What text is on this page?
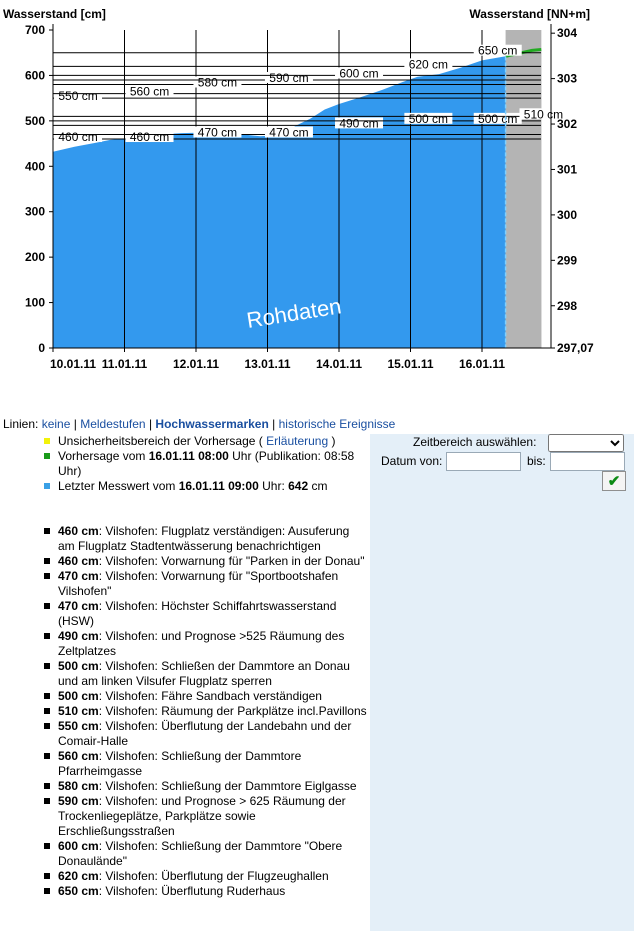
Wasserstand [cm]	Wasserstand [NN+m]
460 cm	460 cm 470 cm	470 cm
490 cm 500 cm 500 cm 510 cm
550 cm	560 cm
580 cm	590 cm	600 cm
620 cm
650 cm
0
100
200
300
400
500
600
700	304
303
302
301
300
299
298
297,07
10.01.11 11.01.11 12.01.11 13.01.11 14.01.11 15.01.11 16.01.11
Rohdaten
Linien: keine | Meldestufen | Hochwassermarken | historische Ereignisse
Zeitbereich auswählen:
Datum von:	bis:
✔
Unsicherheitsbereich der Vorhersage ( Erläuterung )
Vorhersage vom 16.01.11 08:00 Uhr (Publikation: 08:58 Uhr)
Letzter Messwert vom 16.01.11 09:00 Uhr: 642 cm
460 cm: Vilshofen: Flugplatz verständigen: Ausuferung am Flugplatz Stadtentwässerung benachrichtigen
460 cm: Vilshofen: Vorwarnung für "Parken in der Donau"
470 cm: Vilshofen: Vorwarnung für "Sportbootshafen Vilshofen"
470 cm: Vilshofen: Höchster Schiffahrtswasserstand (HSW)
490 cm: Vilshofen: und Prognose >525 Räumung des Zeltplatzes
500 cm: Vilshofen: Schließen der Dammtore an Donau und am linken Vilsufer Flugplatz sperren
500 cm: Vilshofen: Fähre Sandbach verständigen
510 cm: Vilshofen: Räumung der Parkplätze incl.Pavillons
550 cm: Vilshofen: Überflutung der Landebahn und der Comair-Halle
560 cm: Vilshofen: Schließung der Dammtore Pfarrheimgasse
580 cm: Vilshofen: Schließung der Dammtore Eiglgasse
590 cm: Vilshofen: und Prognose > 625 Räumung der Trockenliegeplätze, Parkplätze sowie Erschließungsstraßen
600 cm: Vilshofen: Schließung der Dammtore "Obere Donaulände"
620 cm: Vilshofen: Überflutung der Flugzeughallen
650 cm: Vilshofen: Überflutung Ruderhaus
